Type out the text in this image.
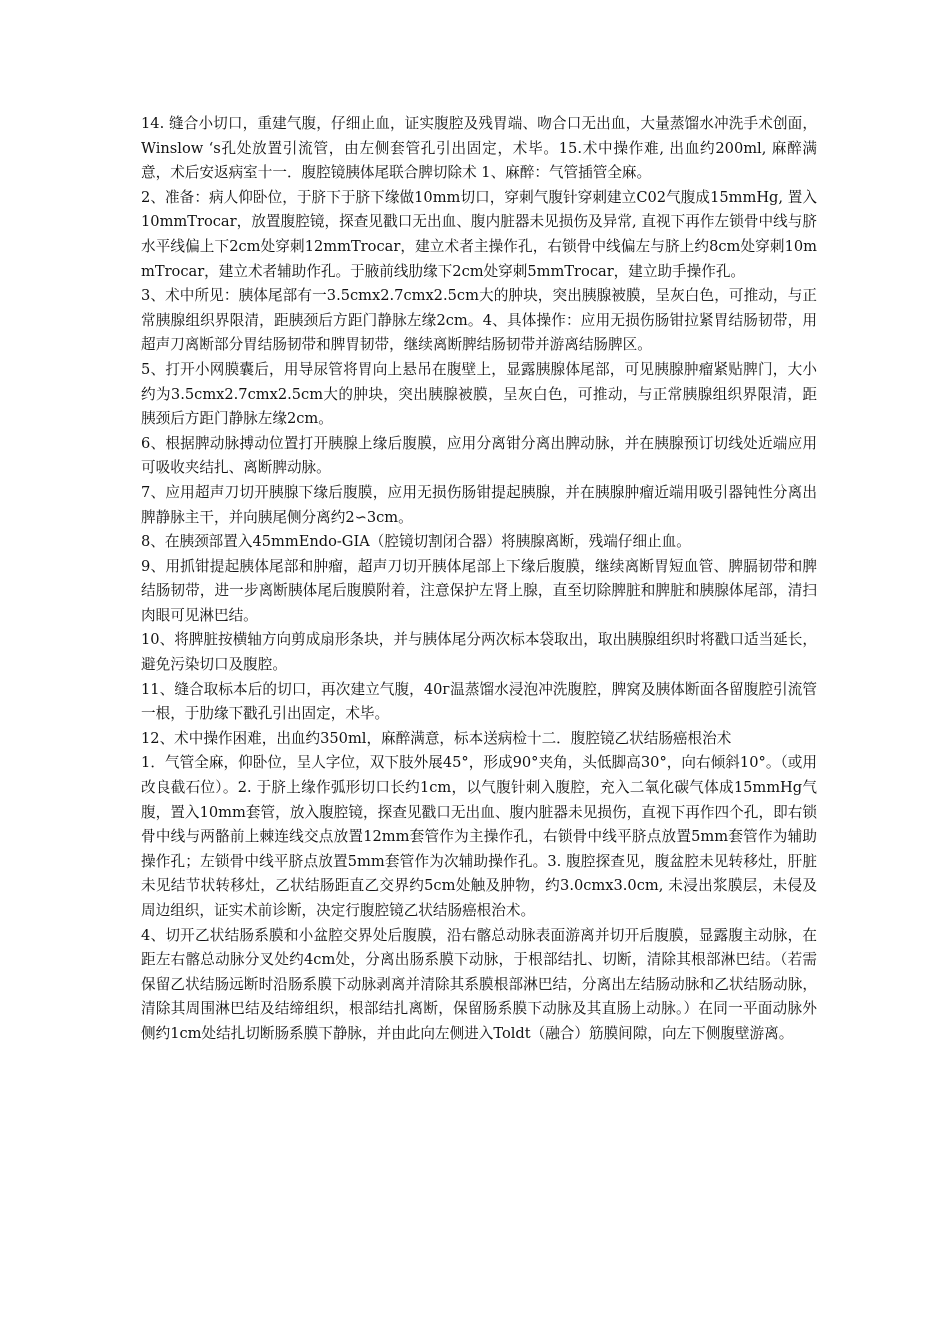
14. 缝合小切口，重建气腹，仔细止血，证实腹腔及残胃端、吻合口无出血，大量蒸馏水冲洗手术创面，Winslow ‘s孔处放置引流管，由左侧套管孔引出固定，术毕。15.术中操作难, 出血约200ml, 麻醉满意，术后安返病室十一．腹腔镜胰体尾联合脾切除术 1、麻醉：气管插管全麻。

2、准备：病人仰卧位，于脐下于脐下缘做10mm切口，穿刺气腹针穿刺建立C02气腹成15mmHg, 置入10mmTrocar，放置腹腔镜，探查见戳口无出血、腹内脏器未见损伤及异常, 直视下再作左锁骨中线与脐水平线偏上下2cm处穿刺12mmTrocar，建立术者主操作孔，右锁骨中线偏左与脐上约8cm处穿刺10mmTrocar，建立术者辅助作孔。于腋前线肋缘下2cm处穿刺5mmTrocar，建立助手操作孔。

3、术中所见：胰体尾部有一3.5cmx2.7cmx2.5cm大的肿块，突出胰腺被膜，呈灰白色，可推动，与正常胰腺组织界限清，距胰颈后方距门静脉左缘2cm。4、具体操作：应用无损伤肠钳拉紧胃结肠韧带，用超声刀离断部分胃结肠韧带和脾胃韧带，继续离断脾结肠韧带并游离结肠脾区。

5、打开小网膜囊后，用导尿管将胃向上悬吊在腹壁上，显露胰腺体尾部，可见胰腺肿瘤紧贴脾门，大小约为3.5cmx2.7cmx2.5cm大的肿块，突出胰腺被膜，呈灰白色，可推动，与正常胰腺组织界限清，距胰颈后方距门静脉左缘2cm。

6、根据脾动脉搏动位置打开胰腺上缘后腹膜，应用分离钳分离出脾动脉，并在胰腺预订切线处近端应用可吸收夹结扎、离断脾动脉。

7、应用超声刀切开胰腺下缘后腹膜，应用无损伤肠钳提起胰腺，并在胰腺肿瘤近端用吸引器钝性分离出脾静脉主干，并向胰尾侧分离约2∽3cm。

8、在胰颈部置入45mmEndo-GIA（腔镜切割闭合器）将胰腺离断，残端仔细止血。

9、用抓钳提起胰体尾部和肿瘤，超声刀切开胰体尾部上下缘后腹膜，继续离断胃短血管、脾膈韧带和脾结肠韧带，进一步离断胰体尾后腹膜附着，注意保护左肾上腺，直至切除脾脏和脾脏和胰腺体尾部，清扫肉眼可见淋巴结。

10、将脾脏按横轴方向剪成扇形条块，并与胰体尾分两次标本袋取出，取出胰腺组织时将戳口适当延长，避免污染切口及腹腔。

11、缝合取标本后的切口，再次建立气腹，40г温蒸馏水浸泡冲洗腹腔，脾窝及胰体断面各留腹腔引流管一根，于肋缘下戳孔引出固定，术毕。

12、术中操作困难，出血约350ml，麻醉满意，标本送病检十二．腹腔镜乙状结肠癌根治术

1．气管全麻，仰卧位，呈人字位，双下肢外展45°，形成90°夹角，头低脚高30°，向右倾斜10°。（或用改良截石位）。2. 于脐上缘作弧形切口长约1cm，以气腹针刺入腹腔，充入二氧化碳气体成15mmHg气腹，置入10mm套管，放入腹腔镜，探查见戳口无出血、腹内脏器未见损伤，直视下再作四个孔，即右锁骨中线与两骼前上棘连线交点放置12mm套管作为主操作孔，右锁骨中线平脐点放置5mm套管作为辅助操作孔；左锁骨中线平脐点放置5mm套管作为次辅助操作孔。3. 腹腔探查见，腹盆腔未见转移灶，肝脏未见结节状转移灶，乙状结肠距直乙交界约5cm处触及肿物，约3.0cmx3.0cm, 未浸出浆膜层，未侵及周边组织，证实术前诊断，决定行腹腔镜乙状结肠癌根治术。

4、切开乙状结肠系膜和小盆腔交界处后腹膜，沿右髂总动脉表面游离并切开后腹膜，显露腹主动脉，在距左右髂总动脉分叉处约4cm处，分离出肠系膜下动脉，于根部结扎、切断，清除其根部淋巴结。（若需保留乙状结肠远断时沿肠系膜下动脉剥离并清除其系膜根部淋巴结，分离出左结肠动脉和乙状结肠动脉，清除其周围淋巴结及结缔组织，根部结扎离断，保留肠系膜下动脉及其直肠上动脉。）在同一平面动脉外侧约1cm处结扎切断肠系膜下静脉，并由此向左侧进入Toldt（融合）筋膜间隙，向左下侧腹壁游离。
